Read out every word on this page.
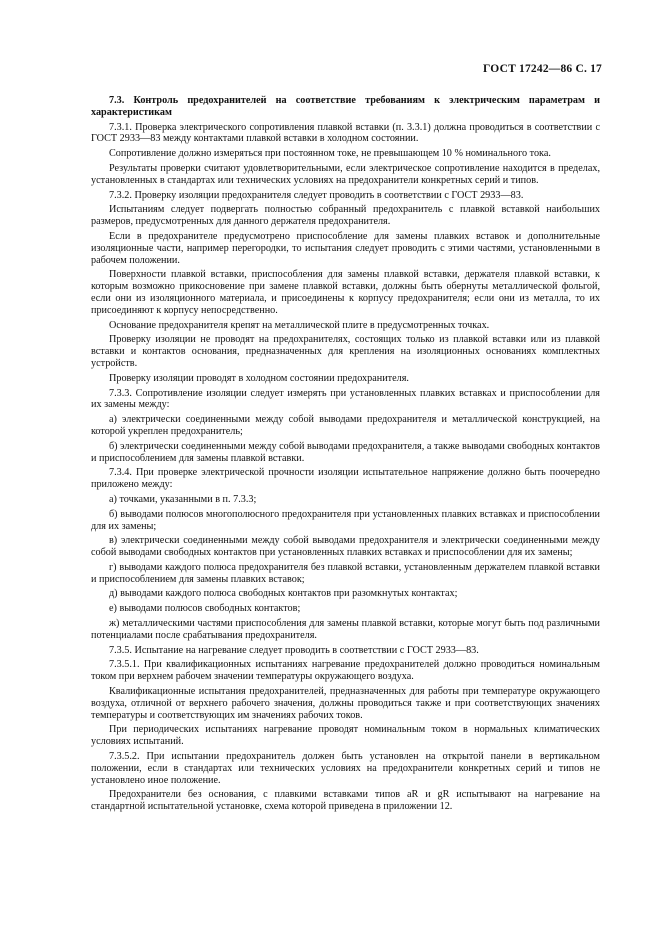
ГОСТ 17242—86 С. 17

7.3. Контроль предохранителей на соответствие требованиям к электрическим параметрам и характеристикам

7.3.1. Проверка электрического сопротивления плавкой вставки (п. 3.3.1) должна проводиться в соответствии с ГОСТ 2933—83 между контактами плавкой вставки в холодном состоянии.

Сопротивление должно измеряться при постоянном токе, не превышающем 10 % номинального тока.

Результаты проверки считают удовлетворительными, если электрическое сопротивление находится в пределах, установленных в стандартах или технических условиях на предохранители конкретных серий и типов.

7.3.2. Проверку изоляции предохранителя следует проводить в соответствии с ГОСТ 2933—83.

Испытаниям следует подвергать полностью собранный предохранитель с плавкой вставкой наибольших размеров, предусмотренных для данного держателя предохранителя.

Если в предохранителе предусмотрено приспособление для замены плавких вставок и дополнительные изоляционные части, например перегородки, то испытания следует проводить с этими частями, установленными в рабочем положении.

Поверхности плавкой вставки, приспособления для замены плавкой вставки, держателя плавкой вставки, к которым возможно прикосновение при замене плавкой вставки, должны быть обернуты металлической фольгой, если они из изоляционного материала, и присоединены к корпусу предохранителя; если они из металла, то их присоединяют к корпусу непосредственно.

Основание предохранителя крепят на металлической плите в предусмотренных точках.

Проверку изоляции не проводят на предохранителях, состоящих только из плавкой вставки или из плавкой вставки и контактов основания, предназначенных для крепления на изоляционных основаниях комплектных устройств.

Проверку изоляции проводят в холодном состоянии предохранителя.

7.3.3. Сопротивление изоляции следует измерять при установленных плавких вставках и приспособлении для их замены между:

а) электрически соединенными между собой выводами предохранителя и металлической конструкцией, на которой укреплен предохранитель;

б) электрически соединенными между собой выводами предохранителя, а также выводами свободных контактов и приспособлением для замены плавкой вставки.

7.3.4. При проверке электрической прочности изоляции испытательное напряжение должно быть поочередно приложено между:

а) точками, указанными в п. 7.3.3;

б) выводами полюсов многополюсного предохранителя при установленных плавких вставках и приспособлении для их замены;

в) электрически соединенными между собой выводами предохранителя и электрически соединенными между собой выводами свободных контактов при установленных плавких вставках и приспособлении для их замены;

г) выводами каждого полюса предохранителя без плавкой вставки, установленным держателем плавкой вставки и приспособлением для замены плавких вставок;

д) выводами каждого полюса свободных контактов при разомкнутых контактах;

е) выводами полюсов свободных контактов;

ж) металлическими частями приспособления для замены плавкой вставки, которые могут быть под различными потенциалами после срабатывания предохранителя.

7.3.5. Испытание на нагревание следует проводить в соответствии с ГОСТ 2933—83.

7.3.5.1. При квалификационных испытаниях нагревание предохранителей должно проводиться номинальным током при верхнем рабочем значении температуры окружающего воздуха.

Квалификационные испытания предохранителей, предназначенных для работы при температуре окружающего воздуха, отличной от верхнего рабочего значения, должны проводиться также и при соответствующих значениях температуры и соответствующих им значениях рабочих токов.

При периодических испытаниях нагревание проводят номинальным током в нормальных климатических условиях испытаний.

7.3.5.2. При испытании предохранитель должен быть установлен на открытой панели в вертикальном положении, если в стандартах или технических условиях на предохранители конкретных серий и типов не установлено иное положение.

Предохранители без основания, с плавкими вставками типов aR и gR испытывают на нагревание на стандартной испытательной установке, схема которой приведена в приложении 12.
